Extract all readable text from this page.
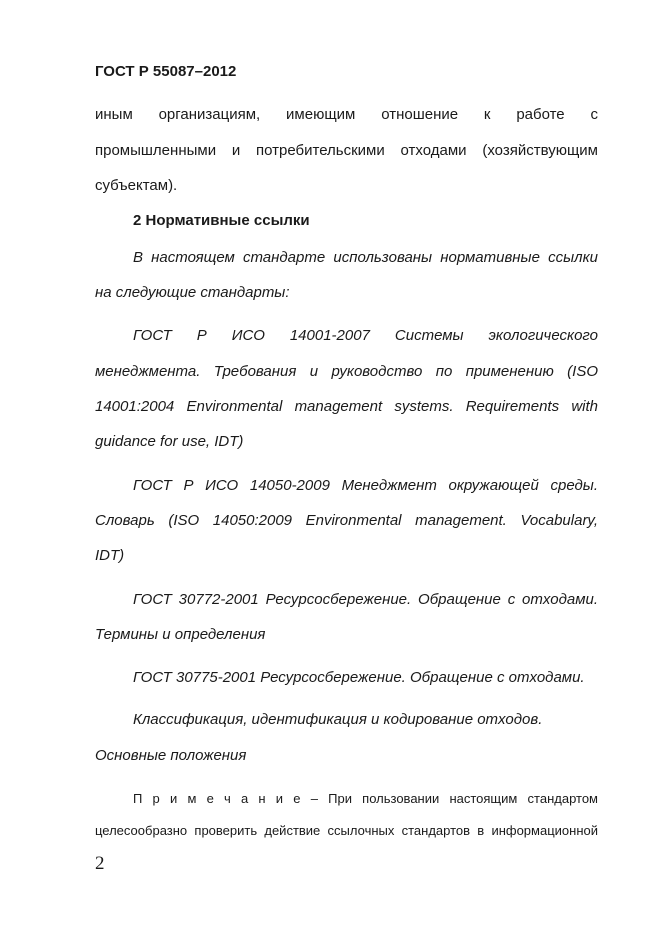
ГОСТ Р 55087–2012
иным организациям, имеющим отношение к работе с
промышленными и потребительскими отходами (хозяйствующим
субъектам).
2 Нормативные ссылки
В настоящем стандарте использованы нормативные ссылки
на следующие стандарты:
ГОСТ Р ИСО 14001-2007 Системы экологического
менеджмента. Требования и руководство по применению (ISO
14001:2004 Environmental management systems. Requirements with
guidance for use, IDT)
ГОСТ Р ИСО 14050-2009 Менеджмент окружающей среды.
Словарь (ISO 14050:2009 Environmental management. Vocabulary,
IDT)
ГОСТ 30772-2001 Ресурсосбережение. Обращение с отходами.
Термины и определения
ГОСТ 30775-2001 Ресурсосбережение. Обращение с отходами.
Классификация, идентификация и кодирование отходов.
Основные положения
П р и м е ч а н и е – При пользовании настоящим стандартом
целесообразно проверить действие ссылочных стандартов в информационной
2
